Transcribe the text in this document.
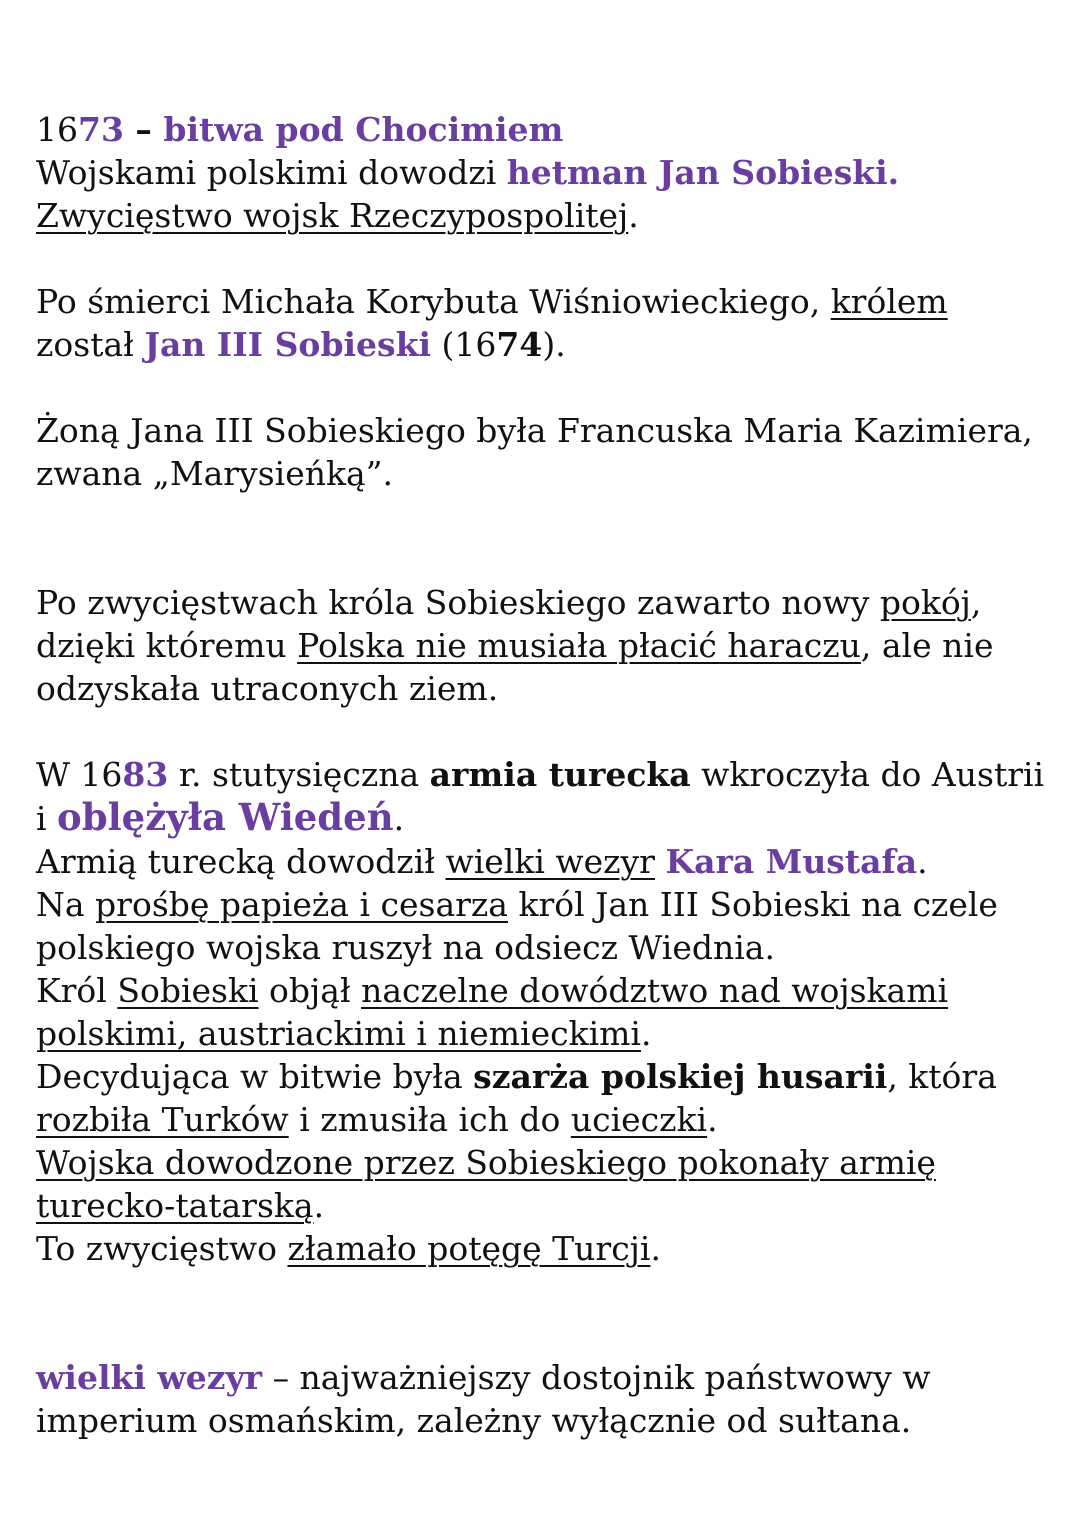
1673 – bitwa pod Chocimiem
Wojskami polskimi dowodzi hetman Jan Sobieski.
Zwycięstwo wojsk Rzeczypospolitej.

Po śmierci Michała Korybuta Wiśniowieckiego, królem
został Jan III Sobieski (1674).

Żoną Jana III Sobieskiego była Francuska Maria Kazimiera, zwana „Marysieńką”.

Po zwycięstwach króla Sobieskiego zawarto nowy pokój, dzięki któremu Polska nie musiała płacić haraczu, ale nie odzyskała utraconych ziem.

W 1683 r. stutysięczna armia turecka wkroczyła do Austrii i oblężyła Wiedeń.
Armią turecką dowodził wielki wezyr Kara Mustafa.
Na prośbę papieża i cesarza król Jan III Sobieski na czele polskiego wojska ruszył na odsiecz Wiednia.
Król Sobieski objął naczelne dowództwo nad wojskami polskimi, austriackimi i niemieckimi.
Decydująca w bitwie była szarża polskiej husarii, która rozbiła Turków i zmusiła ich do ucieczki.
Wojska dowodzone przez Sobieskiego pokonały armię turecko-tatarską.
To zwycięstwo złamało potęgę Turcji.

wielki wezyr – najważniejszy dostojnik państwowy w imperium osmańskim, zależny wyłącznie od sułtana.
